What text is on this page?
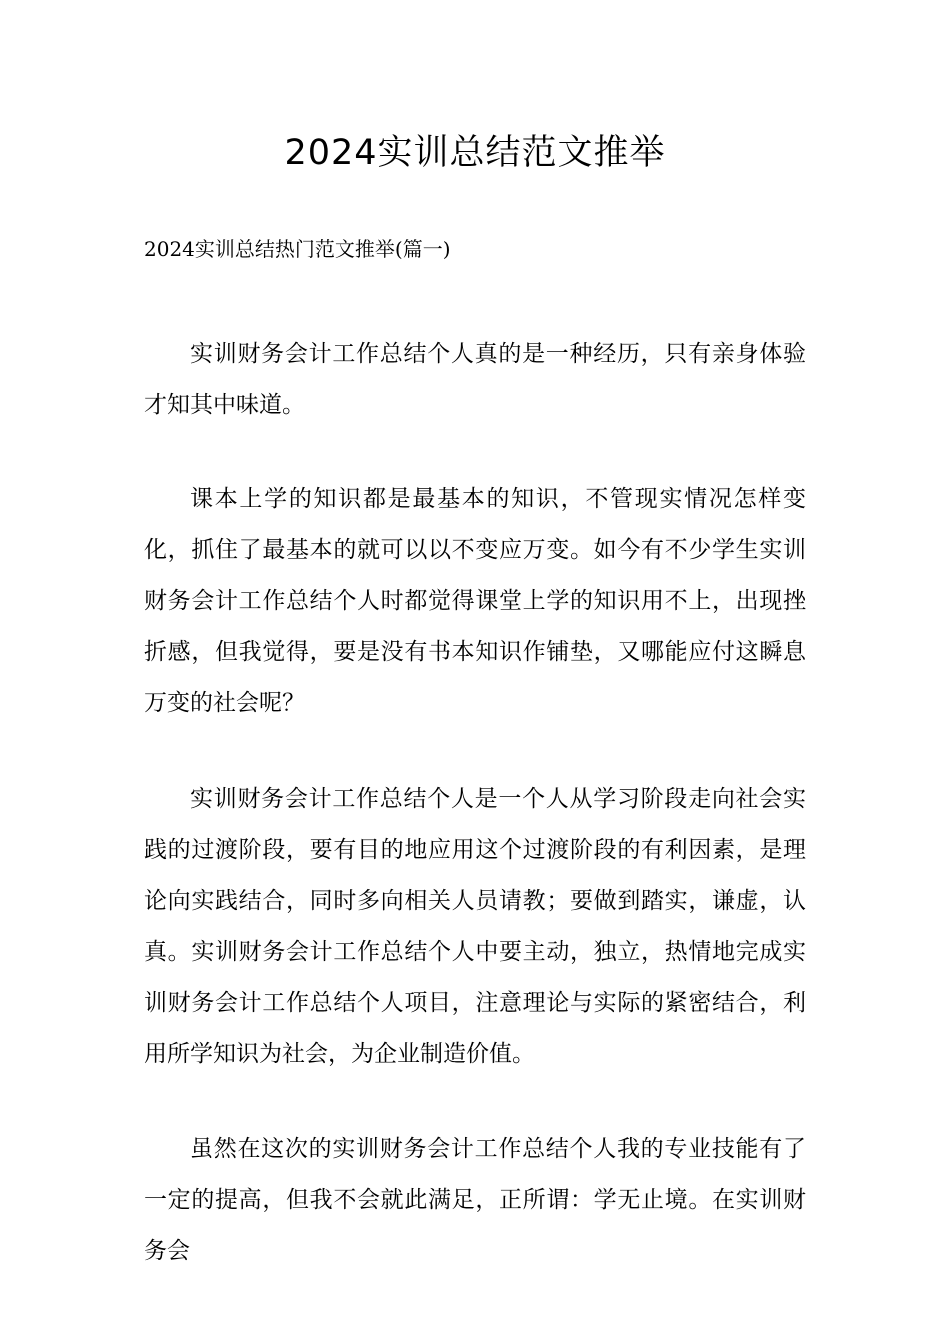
2024实训总结范文推举

2024实训总结热门范文推举(篇一)

实训财务会计工作总结个人真的是一种经历，只有亲身体验才知其中味道。

课本上学的知识都是最基本的知识，不管现实情况怎样变化，抓住了最基本的就可以以不变应万变。如今有不少学生实训财务会计工作总结个人时都觉得课堂上学的知识用不上，出现挫折感，但我觉得，要是没有书本知识作铺垫，又哪能应付这瞬息万变的社会呢？

实训财务会计工作总结个人是一个人从学习阶段走向社会实践的过渡阶段，要有目的地应用这个过渡阶段的有利因素，是理论向实践结合，同时多向相关人员请教；要做到踏实，谦虚，认真。实训财务会计工作总结个人中要主动，独立，热情地完成实训财务会计工作总结个人项目，注意理论与实际的紧密结合，利用所学知识为社会，为企业制造价值。

虽然在这次的实训财务会计工作总结个人我的专业技能有了一定的提高，但我不会就此满足，正所谓：学无止境。在实训财务会
